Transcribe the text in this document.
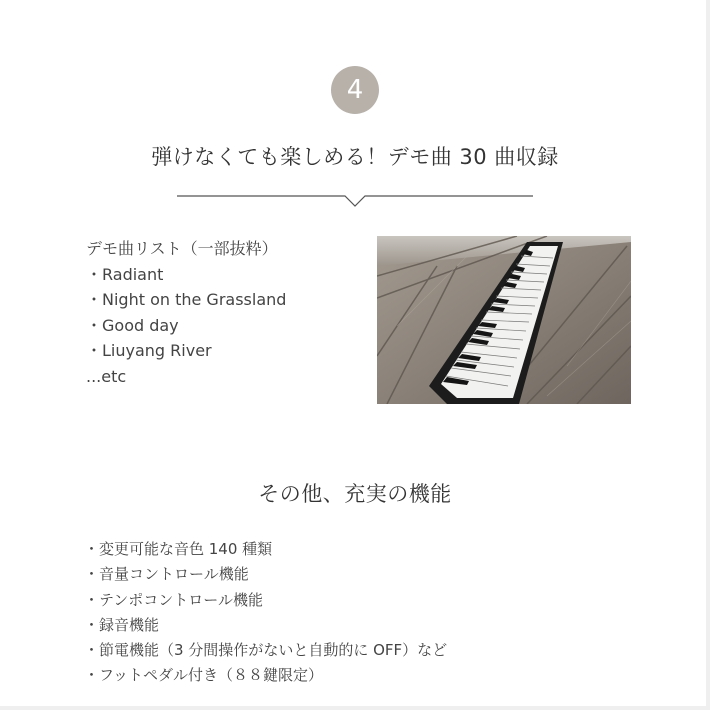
4
弾けなくても楽しめる！デモ曲 30 曲収録
デモ曲リスト（一部抜粋）
・Radiant
・Night on the Grassland
・Good day
・Liuyang River
...etc
その他、充実の機能
・変更可能な音色 140 種類
・音量コントロール機能
・テンポコントロール機能
・録音機能
・節電機能（3 分間操作がないと自動的に OFF）など
・フットペダル付き（８８鍵限定）
